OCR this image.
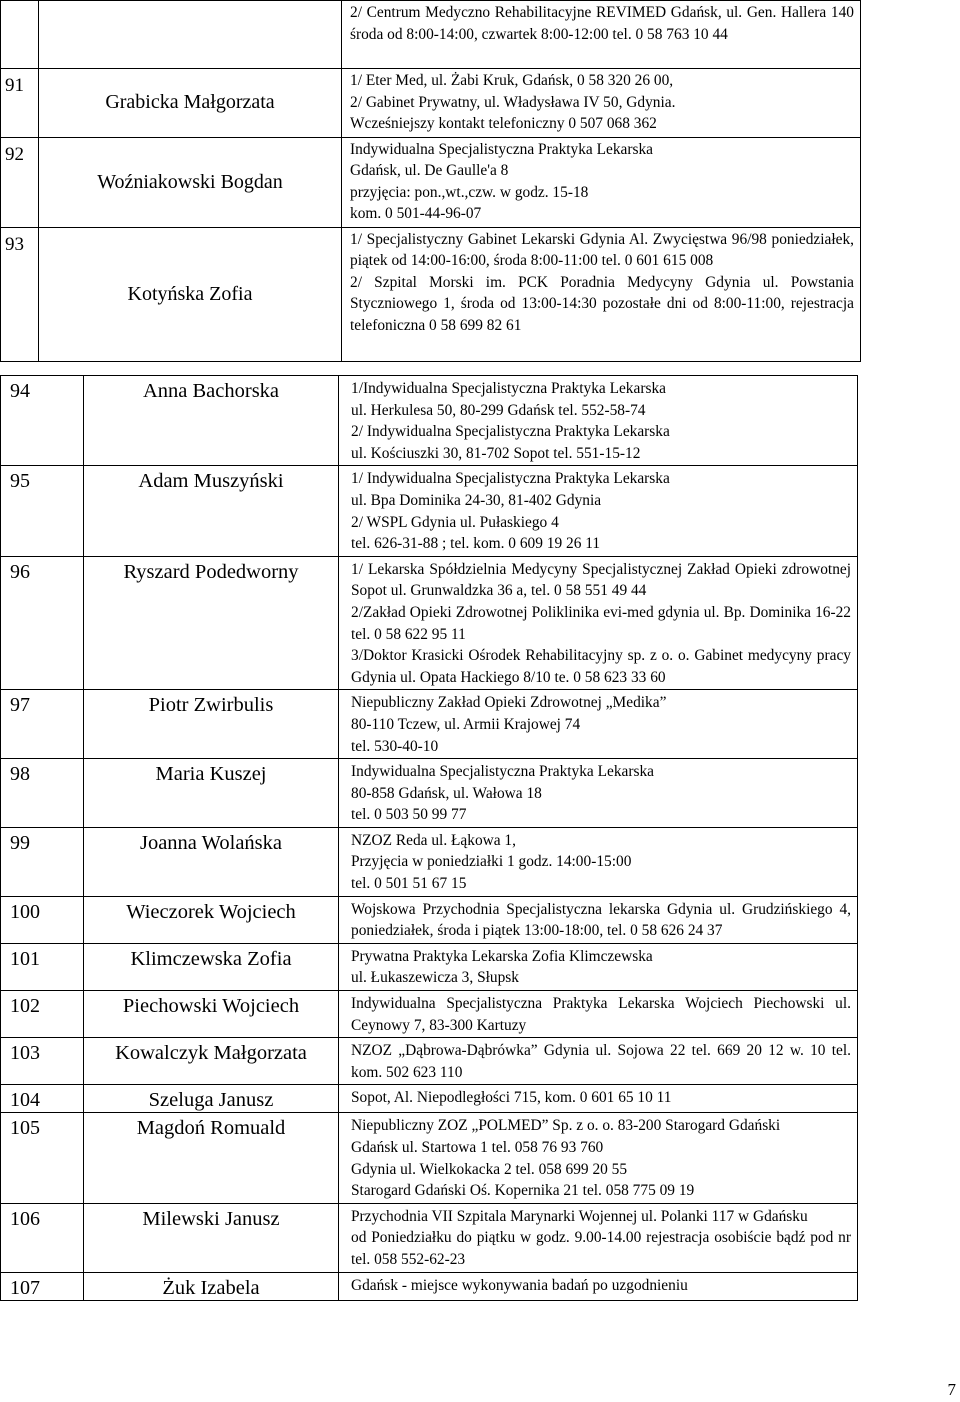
		2/ Centrum Medyczno Rehabilitacyjne REVIMED Gdańsk, ul. Gen. Hallera 140 środa od 8:00-14:00, czwartek 8:00-12:00 tel. 0 58 763 10 44

91	Grabicka Małgorzata	1/ Eter Med, ul. Żabi Kruk, Gdańsk, 0 58 320 26 00,
2/ Gabinet Prywatny, ul. Władysława IV 50, Gdynia.
Wcześniejszy kontakt telefoniczny 0 507 068 362

92	Woźniakowski Bogdan	Indywidualna Specjalistyczna Praktyka Lekarska
Gdańsk, ul. De Gaulle'a 8
przyjęcia: pon.,wt.,czw. w godz. 15-18
kom. 0 501-44-96-07

93	Kotyńska Zofia	1/ Specjalistyczny Gabinet Lekarski Gdynia Al. Zwycięstwa 96/98 poniedziałek, piątek od 14:00-16:00, środa 8:00-11:00 tel. 0 601 615 008
2/ Szpital Morski im. PCK Poradnia Medycyny Gdynia ul. Powstania Styczniowego 1, środa od 13:00-14:30 pozostałe dni od 8:00-11:00, rejestracja telefoniczna 0 58 699 82 61
94	Anna Bachorska	1/Indywidualna Specjalistyczna Praktyka Lekarska
ul. Herkulesa 50, 80-299 Gdańsk tel. 552-58-74
2/ Indywidualna Specjalistyczna Praktyka Lekarska
ul. Kościuszki 30, 81-702 Sopot tel. 551-15-12

95	Adam Muszyński	1/ Indywidualna Specjalistyczna Praktyka Lekarska
ul. Bpa Dominika 24-30, 81-402 Gdynia
2/ WSPL Gdynia ul. Pułaskiego 4
tel. 626-31-88 ; tel. kom. 0 609 19 26 11

96	Ryszard Podedworny	1/ Lekarska Spółdzielnia Medycyny Specjalistycznej Zakład Opieki zdrowotnej Sopot ul. Grunwaldzka 36 a, tel. 0 58 551 49 44
2/Zakład Opieki Zdrowotnej Poliklinika evi-med gdynia ul. Bp. Dominika 16-22 tel. 0 58 622 95 11
3/Doktor Krasicki Ośrodek Rehabilitacyjny sp. z o. o. Gabinet medycyny pracy Gdynia ul. Opata Hackiego 8/10 te. 0 58 623 33 60

97	Piotr Zwirbulis	Niepubliczny Zakład Opieki Zdrowotnej „Medika”
80-110 Tczew, ul. Armii Krajowej 74
tel. 530-40-10

98	Maria Kuszej	Indywidualna Specjalistyczna Praktyka Lekarska
80-858 Gdańsk, ul. Wałowa 18
tel. 0 503 50 99 77

99	Joanna Wolańska	NZOZ Reda ul. Łąkowa 1,
Przyjęcia w poniedziałki 1 godz. 14:00-15:00
tel. 0 501 51 67 15

100	Wieczorek Wojciech	Wojskowa Przychodnia Specjalistyczna lekarska Gdynia ul. Grudzińskiego 4, poniedziałek, środa i piątek 13:00-18:00, tel. 0 58 626 24 37

101	Klimczewska Zofia	Prywatna Praktyka Lekarska Zofia Klimczewska
ul. Łukaszewicza 3, Słupsk

102	Piechowski Wojciech	Indywidualna Specjalistyczna Praktyka Lekarska Wojciech Piechowski ul. Ceynowy 7, 83-300 Kartuzy

103	Kowalczyk Małgorzata	NZOZ „Dąbrowa-Dąbrówka” Gdynia ul. Sojowa 22 tel. 669 20 12 w. 10 tel. kom. 502 623 110

104	Szeluga Janusz	Sopot, Al. Niepodległości 715, kom. 0 601 65 10 11

105	Magdoń Romuald	Niepubliczny ZOZ „POLMED” Sp. z o. o. 83-200 Starogard Gdański
Gdańsk ul. Startowa 1 tel. 058 76 93 760
Gdynia ul. Wielkokacka 2 tel. 058 699 20 55
Starogard Gdański Oś. Kopernika 21 tel. 058 775 09 19

106	Milewski Janusz	Przychodnia VII Szpitala Marynarki Wojennej ul. Polanki 117 w Gdańsku
od Poniedziałku do piątku w godz. 9.00-14.00 rejestracja osobiście bądź pod nr tel. 058 552-62-23

107	Żuk Izabela	Gdańsk - miejsce wykonywania badań po uzgodnieniu
7
